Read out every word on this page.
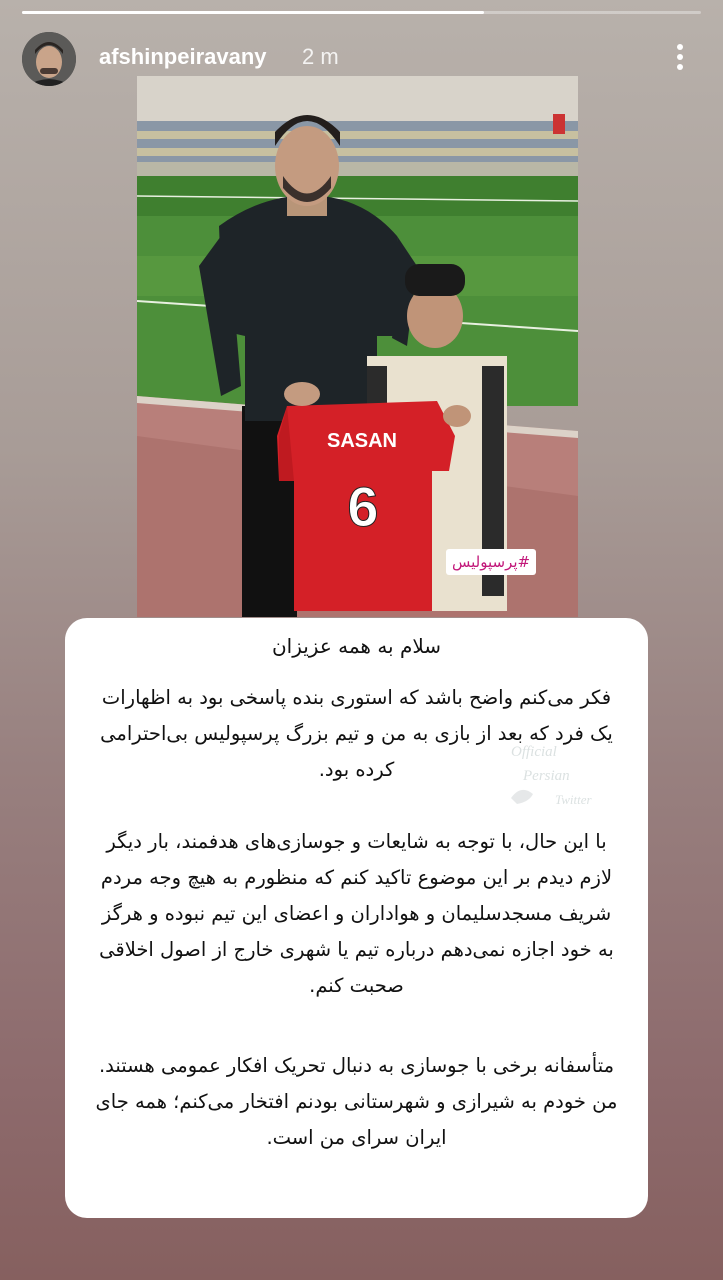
afshinpeiravany 2 m
SASAN
6
#پرسپولیس
Official
Persian
Twitter

سلام به همه عزیزان

فکر می‌کنم واضح باشد که استوری بنده پاسخی بود به اظهارات یک فرد که بعد از بازی به من و تیم بزرگ پرسپولیس بی‌احترامی کرده بود.

با این حال، با توجه به شایعات و جوسازی‌های هدفمند، بار دیگر لازم دیدم بر این موضوع تاکید کنم که منظورم به هیچ وجه مردم شریف مسجدسلیمان و هواداران و اعضای این تیم نبوده و هرگز به خود اجازه نمی‌دهم درباره تیم یا شهری خارج از اصول اخلاقی صحبت کنم.

متأسفانه برخی با جوسازی به دنبال تحریک افکار عمومی هستند. من خودم به شیرازی و شهرستانی بودنم افتخار می‌کنم؛ همه جای ایران سرای من است.
